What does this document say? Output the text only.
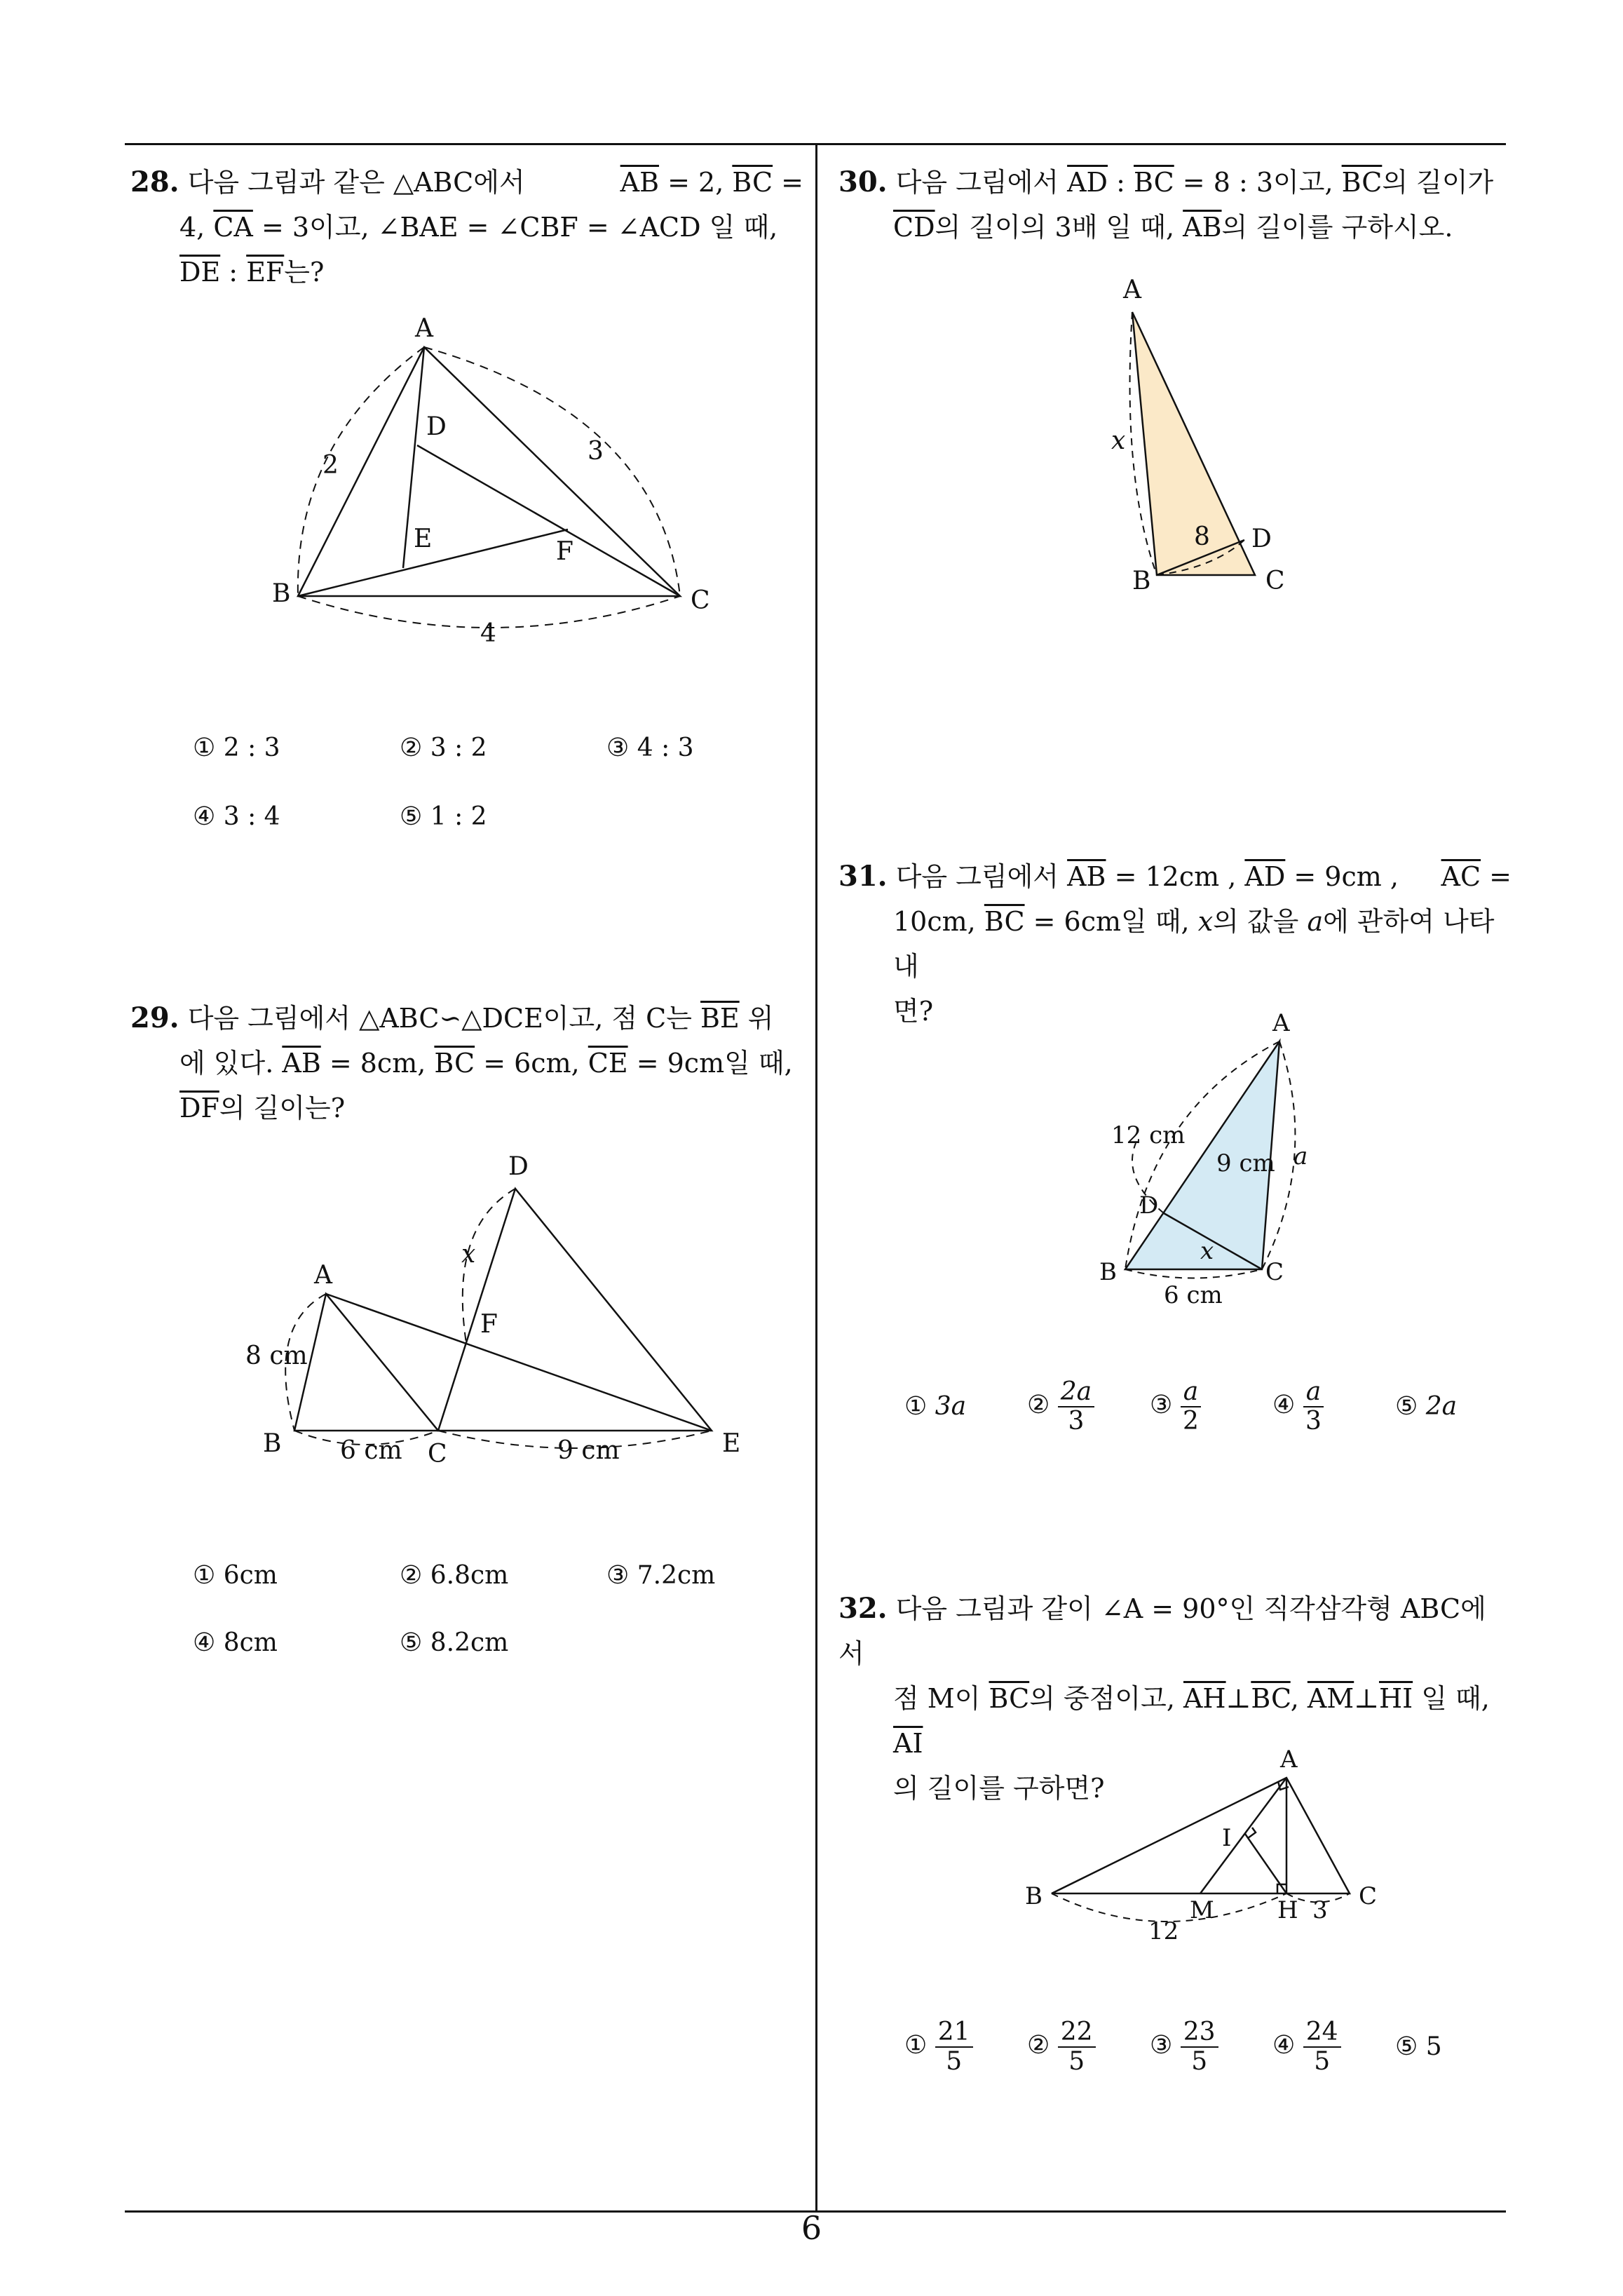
28. 다음 그림과 같은 △ABC에서	$\overline{AB} = 2$, $\overline{BC}$ =
4, $\overline{CA} = 3$이고, ∠BAE = ∠CBF = ∠ACD 일 때,
$\overline{DE}$ : $\overline{EF}$는?
A
B	C
D
E	F
2	3
4
① 2 : 3	② 3 : 2	③ 4 : 3
④ 3 : 4	⑤ 1 : 2
29. 다음 그림에서 △ABC∽△DCE이고, 점 C는 $\overline{BE}$ 위
에 있다. $\overline{AB} = 8cm$, $\overline{BC} = 6cm$, $\overline{CE} = 9cm$일 때,
$\overline{DF}$의 길이는?
A
B	C
D
E
F
x
8 cm
6 cm	9 cm
① 6cm	② 6.8cm	③ 7.2cm
④ 8cm	⑤ 8.2cm
30. 다음 그림에서 $\overline{AD}$ : $\overline{BC} = 8$ : 3이고, $\overline{BC}$의 길이가
$\overline{CD}$의 길이의 3배 일 때, $\overline{AB}$의 길이를 구하시오.
A
B	C
D
x
8
31. 다음 그림에서 $\overline{AB} = 12cm$ , $\overline{AD} = 9cm$ , $\overline{AC}$ =
10cm, $\overline{BC} = 6cm$일 때, x의 값을 a에 관하여 나타내
면?	A
B	C
D
x
a
12 cm
9 cm
6 cm
① 3a ② $\frac{2a}{3}$ ③ $\frac{a}{2}$	④ $\frac{a}{3}$	⑤ 2a
32. 다음 그림과 같이 ∠A = 90°인 직각삼각형 ABC에서
점 M이 $\overline{BC}$의 중점이고, $\overline{AH}\perp\overline{BC}$, $\overline{AM}\perp\overline{HI}$ 일 때, $\overline{AI}$
의 길이를 구하면?
A
B	C
M	H
I
12
3
① $\frac{21}{5}$ ② $\frac{22}{5}$ ③ $\frac{23}{5}$ ④ $\frac{24}{5}$ ⑤ 5
6
